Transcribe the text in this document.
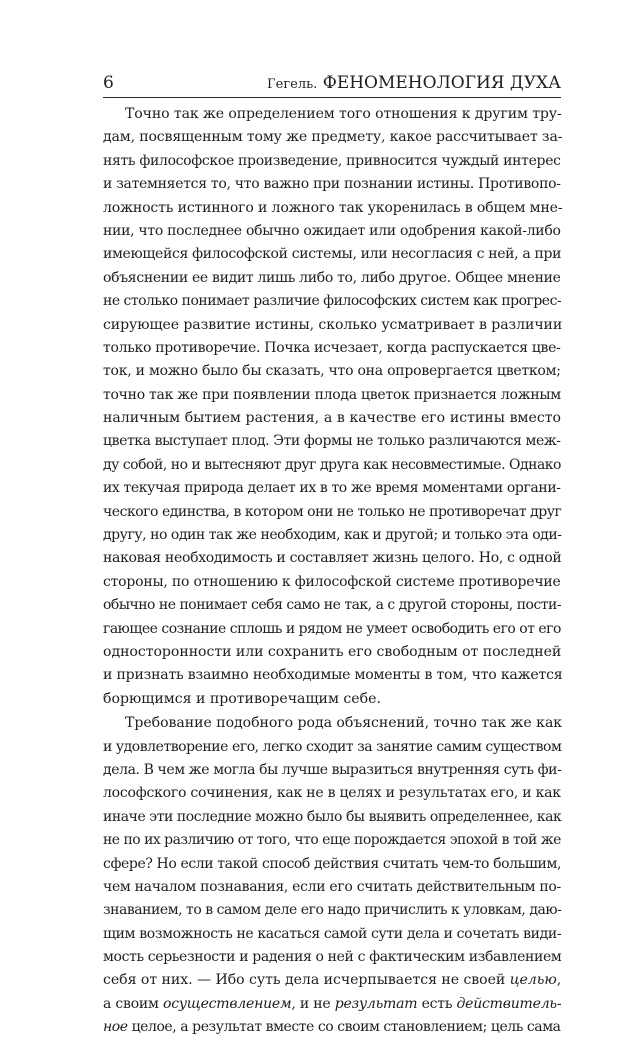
6	Гегель. ФЕНОМЕНОЛОГИЯ ДУХА
Точно так же определением того отношения к другим тру-
дам, посвященным тому же предмету, какое рассчитывает за-
нять философское произведение, привносится чуждый интерес
и затемняется то, что важно при познании истины. Противопо-
ложность истинного и ложного так укоренилась в общем мне-
нии, что последнее обычно ожидает или одобрения какой-либо
имеющейся философской системы, или несогласия с ней, а при
объяснении ее видит лишь либо то, либо другое. Общее мнение
не столько понимает различие философских систем как прогрес-
сирующее развитие истины, сколько усматривает в различии
только противоречие. Почка исчезает, когда распускается цве-
ток, и можно было бы сказать, что она опровергается цветком;
точно так же при появлении плода цветок признается ложным
наличным бытием растения, а в качестве его истины вместо
цветка выступает плод. Эти формы не только различаются меж-
ду собой, но и вытесняют друг друга как несовместимые. Однако
их текучая природа делает их в то же время моментами органи-
ческого единства, в котором они не только не противоречат друг
другу, но один так же необходим, как и другой; и только эта оди-
наковая необходимость и составляет жизнь целого. Но, с одной
стороны, по отношению к философской системе противоречие
обычно не понимает себя само не так, а с другой стороны, пости-
гающее сознание сплошь и рядом не умеет освободить его от его
односторонности или сохранить его свободным от последней
и признать взаимно необходимые моменты в том, что кажется
борющимся и противоречащим себе.
Требование подобного рода объяснений, точно так же как
и удовлетворение его, легко сходит за занятие самим существом
дела. В чем же могла бы лучше выразиться внутренняя суть фи-
лософского сочинения, как не в целях и результатах его, и как
иначе эти последние можно было бы выявить определеннее, как
не по их различию от того, что еще порождается эпохой в той же
сфере? Но если такой способ действия считать чем-то большим,
чем началом познавания, если его считать действительным по-
знаванием, то в самом деле его надо причислить к уловкам, даю-
щим возможность не касаться самой сути дела и сочетать види-
мость серьезности и радения о ней с фактическим избавлением
себя от них. — Ибо суть дела исчерпывается не своей целью,
а своим осуществлением, и не результат есть действитель-
ное целое, а результат вместе со своим становлением; цель сама
